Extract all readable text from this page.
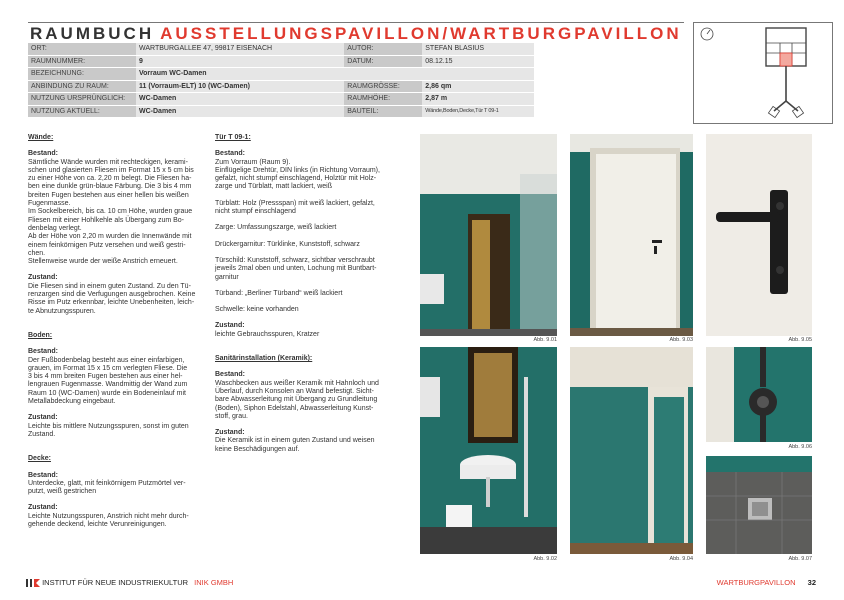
RAUMBUCH AUSSTELLUNGSPAVILLON/WARTBURGPAVILLON
ORT:	WARTBURGALLEE 47, 99817 EISENACH	AUTOR:	STEFAN BLASIUS
RAUMNUMMER:	9	DATUM:	08.12.15
BEZEICHNUNG:	Vorraum WC-Damen		
ANBINDUNG ZU RAUM:	11 (Vorraum-ELT) 10 (WC-Damen)	RAUMGRÖSSE:	2,86 qm
NUTZUNG URSPRÜNGLICH:	WC-Damen	RAUMHÖHE:	2,87 m
NUTZUNG AKTUELL:	WC-Damen	BAUTEIL:	Wände,Boden,Decke,Tür T 09-1

Wände:

Bestand:

Sämtliche Wände wurden mit rechteckigen, kerami-

schen und glasierten Fliesen im Format 15 x 5 cm bis

zu einer Höhe von ca. 2,20 m belegt. Die Fliesen ha-

ben eine dunkle grün-blaue Färbung. Die 3 bis 4 mm

breiten Fugen bestehen aus einer hellen bis weißen

Fugenmasse.

Im Sockelbereich, bis ca. 10 cm Höhe, wurden graue

Fliesen mit einer Hohlkehle als Übergang zum Bo-

denbelag verlegt.

Ab der Höhe von 2,20 m wurden die Innenwände mit

einem feinkörnigen Putz versehen und weiß gestri-

chen.

Stellenweise wurde der weiße Anstrich erneuert.

Zustand:

Die Fliesen sind in einem guten Zustand. Zu den Tü-

renzargen sind die Verfugungen ausgebrochen. Keine

Risse im Putz erkennbar, leichte Unebenheiten, leich-

te Abnutzungsspuren.

Boden:

Bestand:

Der Fußbodenbelag besteht aus einer einfarbigen,

grauen, im Format 15 x 15 cm verlegten Fliese. Die

3 bis 4 mm breiten Fugen bestehen aus einer hel-

lengrauen Fugenmasse. Wandmittig der Wand zum

Raum 10 (WC-Damen) wurde ein Bodeneinlauf mit

Metallabdeckung eingebaut.

Zustand:

Leichte bis mittlere Nutzungsspuren, sonst im guten

Zustand.

Decke:

Bestand:

Unterdecke, glatt, mit feinkörnigem Putzmörtel ver-

putzt, weiß gestrichen

Zustand:

Leichte Nutzungsspuren, Anstrich nicht mehr durch-

gehende deckend, leichte Verunreinigungen.

Tür T 09-1:

Bestand:

Zum Vorraum (Raum 9).

Einflügelige Drehtür, DIN links (in Richtung Vorraum),

gefalzt, nicht stumpf einschlagend, Holztür mit Holz-

zarge und Türblatt, matt lackiert, weiß

Türblatt: Holz (Pressspan) mit weiß lackiert, gefalzt,

nicht stumpf einschlagend

Zarge: Umfassungszarge, weiß lackiert

Drückergarnitur: Türklinke, Kunststoff, schwarz

Türschild: Kunststoff, schwarz, sichtbar verschraubt

jeweils 2mal oben und unten, Lochung mit Buntbart-

garnitur

Türband: „Berliner Türband“ weiß lackiert

Schwelle: keine vorhanden

Zustand:

leichte Gebrauchsspuren, Kratzer

Sanitärinstallation (Keramik):

Bestand:

Waschbecken aus weißer Keramik mit Hahnloch und

Überlauf, durch Konsolen an Wand befestigt. Sicht-

bare Abwasserleitung mit Übergang zu Grundleitung

(Boden), Siphon Edelstahl, Abwasserleitung Kunst-

stoff, grau.

Zustand:

Die Keramik ist in einem guten Zustand und weisen

keine Beschädigungen auf.

Abb. 9.01
Abb. 9.02
Abb. 9.03
Abb. 9.04
Abb. 9.05
Abb. 9.06
Abb. 9.07
INSTITUT FÜR NEUE INDUSTRIEKULTUR INIK GMBH	WARTBURGPAVILLON 32
